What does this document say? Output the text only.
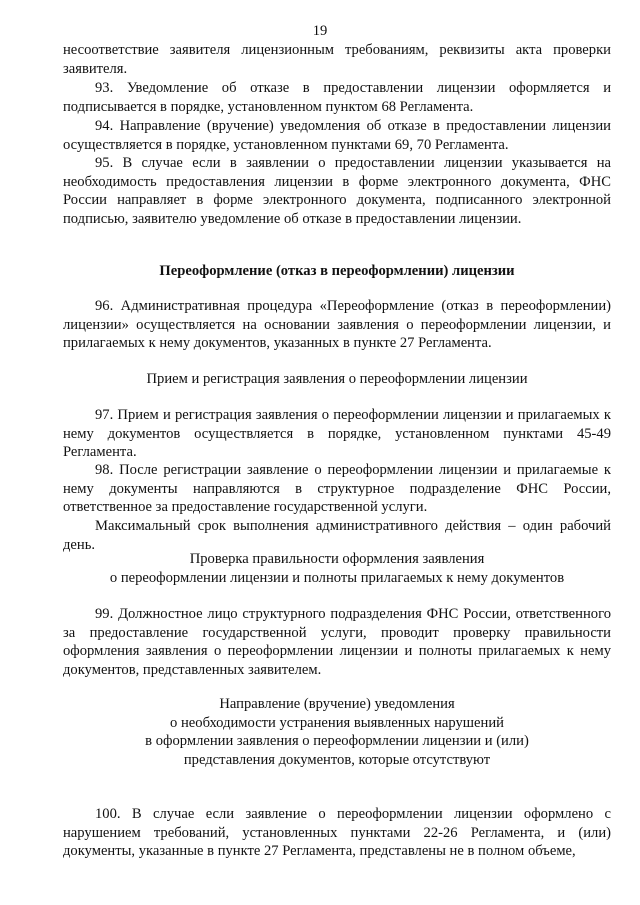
19
несоответствие заявителя лицензионным требованиям, реквизиты акта проверки заявителя.
93. Уведомление об отказе в предоставлении лицензии оформляется и подписывается в порядке, установленном пунктом 68 Регламента.
94. Направление (вручение) уведомления об отказе в предоставлении лицензии осуществляется в порядке, установленном пунктами 69, 70 Регламента.
95. В случае если в заявлении о предоставлении лицензии указывается на необходимость предоставления лицензии в форме электронного документа, ФНС России направляет в форме электронного документа, подписанного электронной подписью, заявителю уведомление об отказе в предоставлении лицензии.
Переоформление (отказ в переоформлении) лицензии
96. Административная процедура «Переоформление (отказ в переоформлении) лицензии» осуществляется на основании заявления о переоформлении лицензии, и прилагаемых к нему документов, указанных в пункте 27 Регламента.
Прием и регистрация заявления о переоформлении лицензии
97. Прием и регистрация заявления о переоформлении лицензии и прилагаемых к нему документов осуществляется в порядке, установленном пунктами 45-49 Регламента.
98. После регистрации заявление о переоформлении лицензии и прилагаемые к нему документы направляются в структурное подразделение ФНС России, ответственное за предоставление государственной услуги.
Максимальный срок выполнения административного действия – один рабочий день.
Проверка правильности оформления заявления
о переоформлении лицензии и полноты прилагаемых к нему документов
99. Должностное лицо структурного подразделения ФНС России, ответственного за предоставление государственной услуги, проводит проверку правильности оформления заявления о переоформлении лицензии и полноты прилагаемых к нему документов, представленных заявителем.
Направление (вручение) уведомления
о необходимости устранения выявленных нарушений
в оформлении заявления о переоформлении лицензии и (или)
представления документов, которые отсутствуют
100. В случае если заявление о переоформлении лицензии оформлено с нарушением требований, установленных пунктами 22-26 Регламента, и (или) документы, указанные в пункте 27 Регламента, представлены не в полном объеме,
